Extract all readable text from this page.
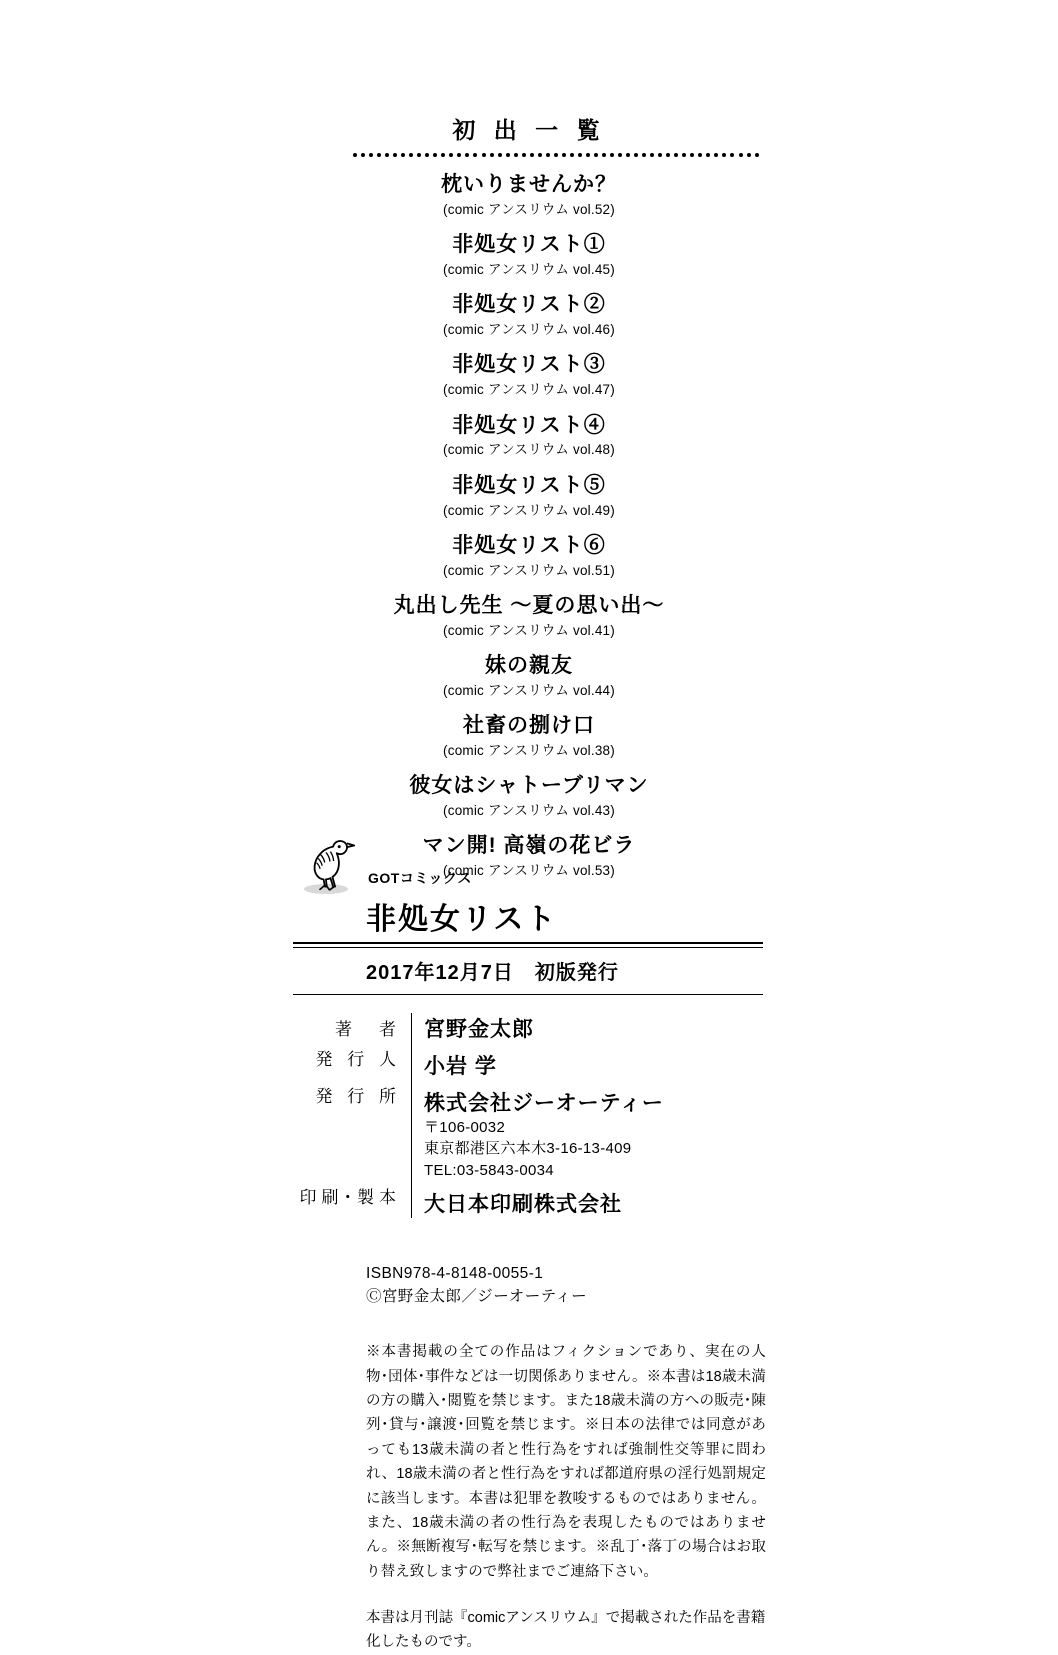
初 出 一 覧
枕いりませんか？
(comic アンスリウム vol.52)
非処女リスト①
(comic アンスリウム vol.45)
非処女リスト②
(comic アンスリウム vol.46)
非処女リスト③
(comic アンスリウム vol.47)
非処女リスト④
(comic アンスリウム vol.48)
非処女リスト⑤
(comic アンスリウム vol.49)
非処女リスト⑥
(comic アンスリウム vol.51)
丸出し先生 ～夏の思い出～
(comic アンスリウム vol.41)
妹の親友
(comic アンスリウム vol.44)
社畜の捌け口
(comic アンスリウム vol.38)
彼女はシャトーブリマン
(comic アンスリウム vol.43)
マン開! 高嶺の花ビラ
(comic アンスリウム vol.53)
GOTコミックス
非処女リスト
2017年12月7日　初版発行
著　者		宮野金太郎

発 行 人		小岩 学

発 行 所		株式会社ジーオーティー
〒106-0032
東京都港区六本木3-16-13-409
TEL:03-5843-0034

印刷･製本		大日本印刷株式会社
ISBN978-4-8148-0055-1
Ⓒ宮野金太郎／ジーオーティー
※本書掲載の全ての作品はフィクションであり、実在の人物･団体･事件などは一切関係ありません。※本書は18歳未満の方の購入･閲覧を禁じます。また18歳未満の方への販売･陳列･貸与･譲渡･回覧を禁じます。※日本の法律では同意があっても13歳未満の者と性行為をすれば強制性交等罪に問われ、18歳未満の者と性行為をすれば都道府県の淫行処罰規定に該当します。本書は犯罪を教唆するものではありません。また、18歳未満の者の性行為を表現したものではありません。※無断複写･転写を禁じます。※乱丁･落丁の場合はお取り替え致しますので弊社までご連絡下さい。
本書は月刊誌『comicアンスリウム』で掲載された作品を書籍化したものです。
